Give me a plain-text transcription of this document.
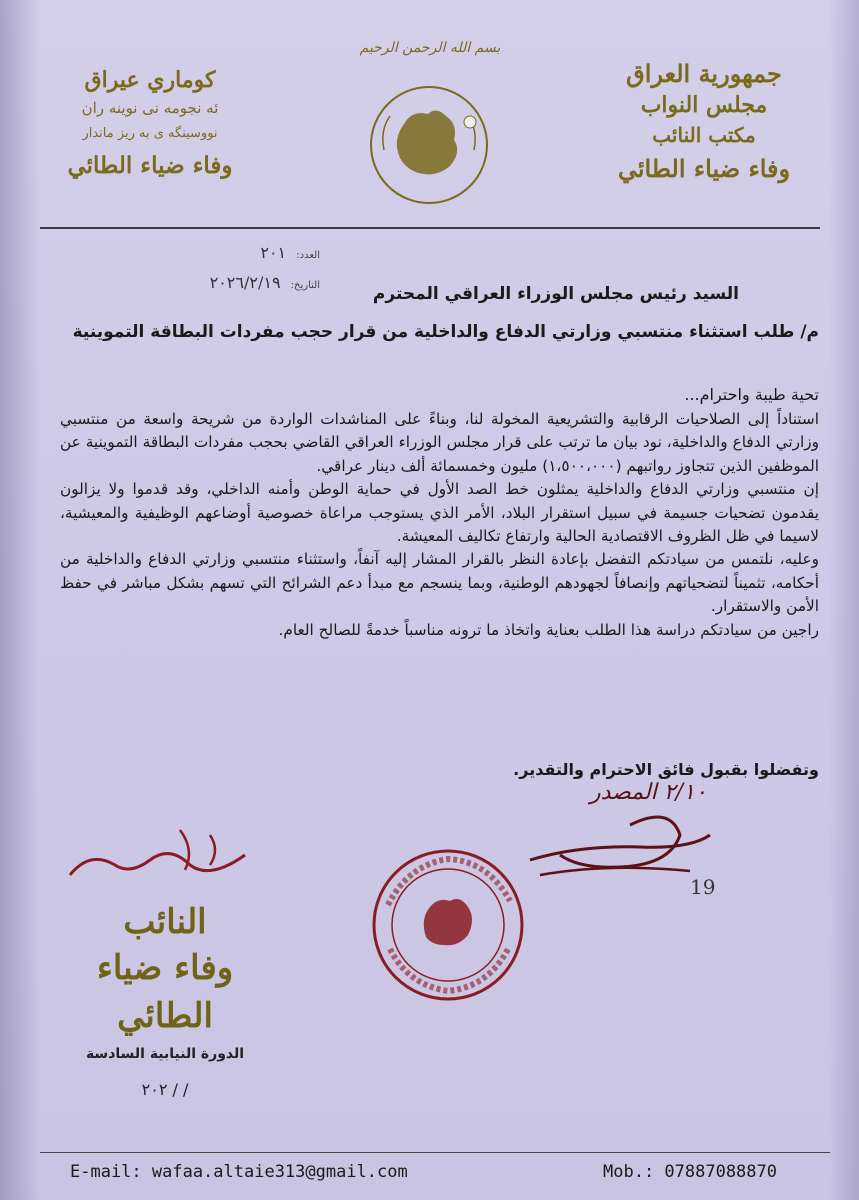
بسم الله الرحمن الرحيم
جمهورية العراق
مجلس النواب
مكتب النائب
وفاء ضياء الطائي
كوماري عيراق
ئه نجومه نى نوينه ران
نووسينگه ى به ريز ماندار
وفاء ضياء الطائي
العدد: ٢٠١
التاريخ: ٢٠٢٦/٢/١٩
السيد رئيس مجلس الوزراء العراقي المحترم
م/ طلب استثناء منتسبي وزارتي الدفاع والداخلية من قرار حجب مفردات البطاقة التموينية
تحية طيبة واحترام...

استناداً إلى الصلاحيات الرقابية والتشريعية المخولة لنا، وبناءً على المناشدات الواردة من شريحة واسعة من منتسبي وزارتي الدفاع والداخلية، نود بيان ما ترتب على قرار مجلس الوزراء العراقي القاضي بحجب مفردات البطاقة التموينية عن الموظفين الذين تتجاوز رواتبهم (١،٥٠٠،٠٠٠) مليون وخمسمائة ألف دينار عراقي.

إن منتسبي وزارتي الدفاع والداخلية يمثلون خط الصد الأول في حماية الوطن وأمنه الداخلي، وقد قدموا ولا يزالون يقدمون تضحيات جسيمة في سبيل استقرار البلاد، الأمر الذي يستوجب مراعاة خصوصية أوضاعهم الوظيفية والمعيشية، لاسيما في ظل الظروف الاقتصادية الحالية وارتفاع تكاليف المعيشة.

وعليه، نلتمس من سيادتكم التفضل بإعادة النظر بالقرار المشار إليه آنفاً، واستثناء منتسبي وزارتي الدفاع والداخلية من أحكامه، تثميناً لتضحياتهم وإنصافاً لجهودهم الوطنية، وبما ينسجم مع مبدأ دعم الشرائح التي تسهم بشكل مباشر في حفظ الأمن والاستقرار.

راجين من سيادتكم دراسة هذا الطلب بعناية واتخاذ ما ترونه مناسباً خدمةً للصالح العام.

وتفضلوا بقبول فائق الاحترام والتقدير.
٢/١٠ المصدر
19
النائب
وفاء ضياء الطائي
الدورة النيابية السادسة
٢٠٢ / /
E-mail: wafaa.altaie313@gmail.com	Mob.: 07887088870
